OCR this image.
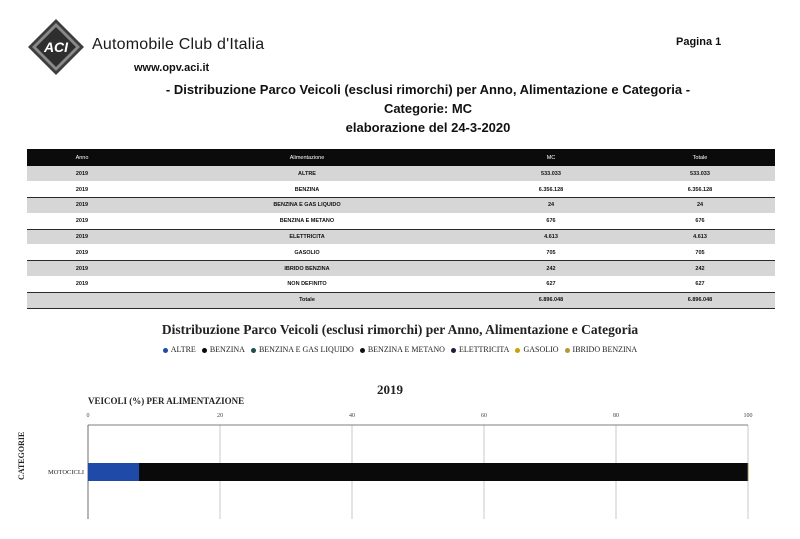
ACI Automobile Club d'Italia
www.opv.aci.it
Pagina 1
- Distribuzione Parco Veicoli (esclusi rimorchi) per Anno, Alimentazione e Categoria -
Categorie: MC
elaborazione del 24-3-2020
Anno	Alimentazione	MC	Totale
2019	ALTRE	533.033	533.033
2019	BENZINA	6.356.128	6.356.128
2019	BENZINA E GAS LIQUIDO	24	24
2019	BENZINA E METANO	676	676
2019	ELETTRICITA	4.613	4.613
2019	GASOLIO	705	705
2019	IBRIDO BENZINA	242	242
2019	NON DEFINITO	627	627
	Totale	6.896.048	6.896.048
Distribuzione Parco Veicoli (esclusi rimorchi) per Anno, Alimentazione e Categoria
ALTRE BENZINA BENZINA E GAS LIQUIDO BENZINA E METANO ELETTRICITA GASOLIO IBRIDO BENZINA
2019
VEICOLI (%) PER ALIMENTAZIONE
CATEGORIE
0	20	40	60	80	100
MOTOCICLI
